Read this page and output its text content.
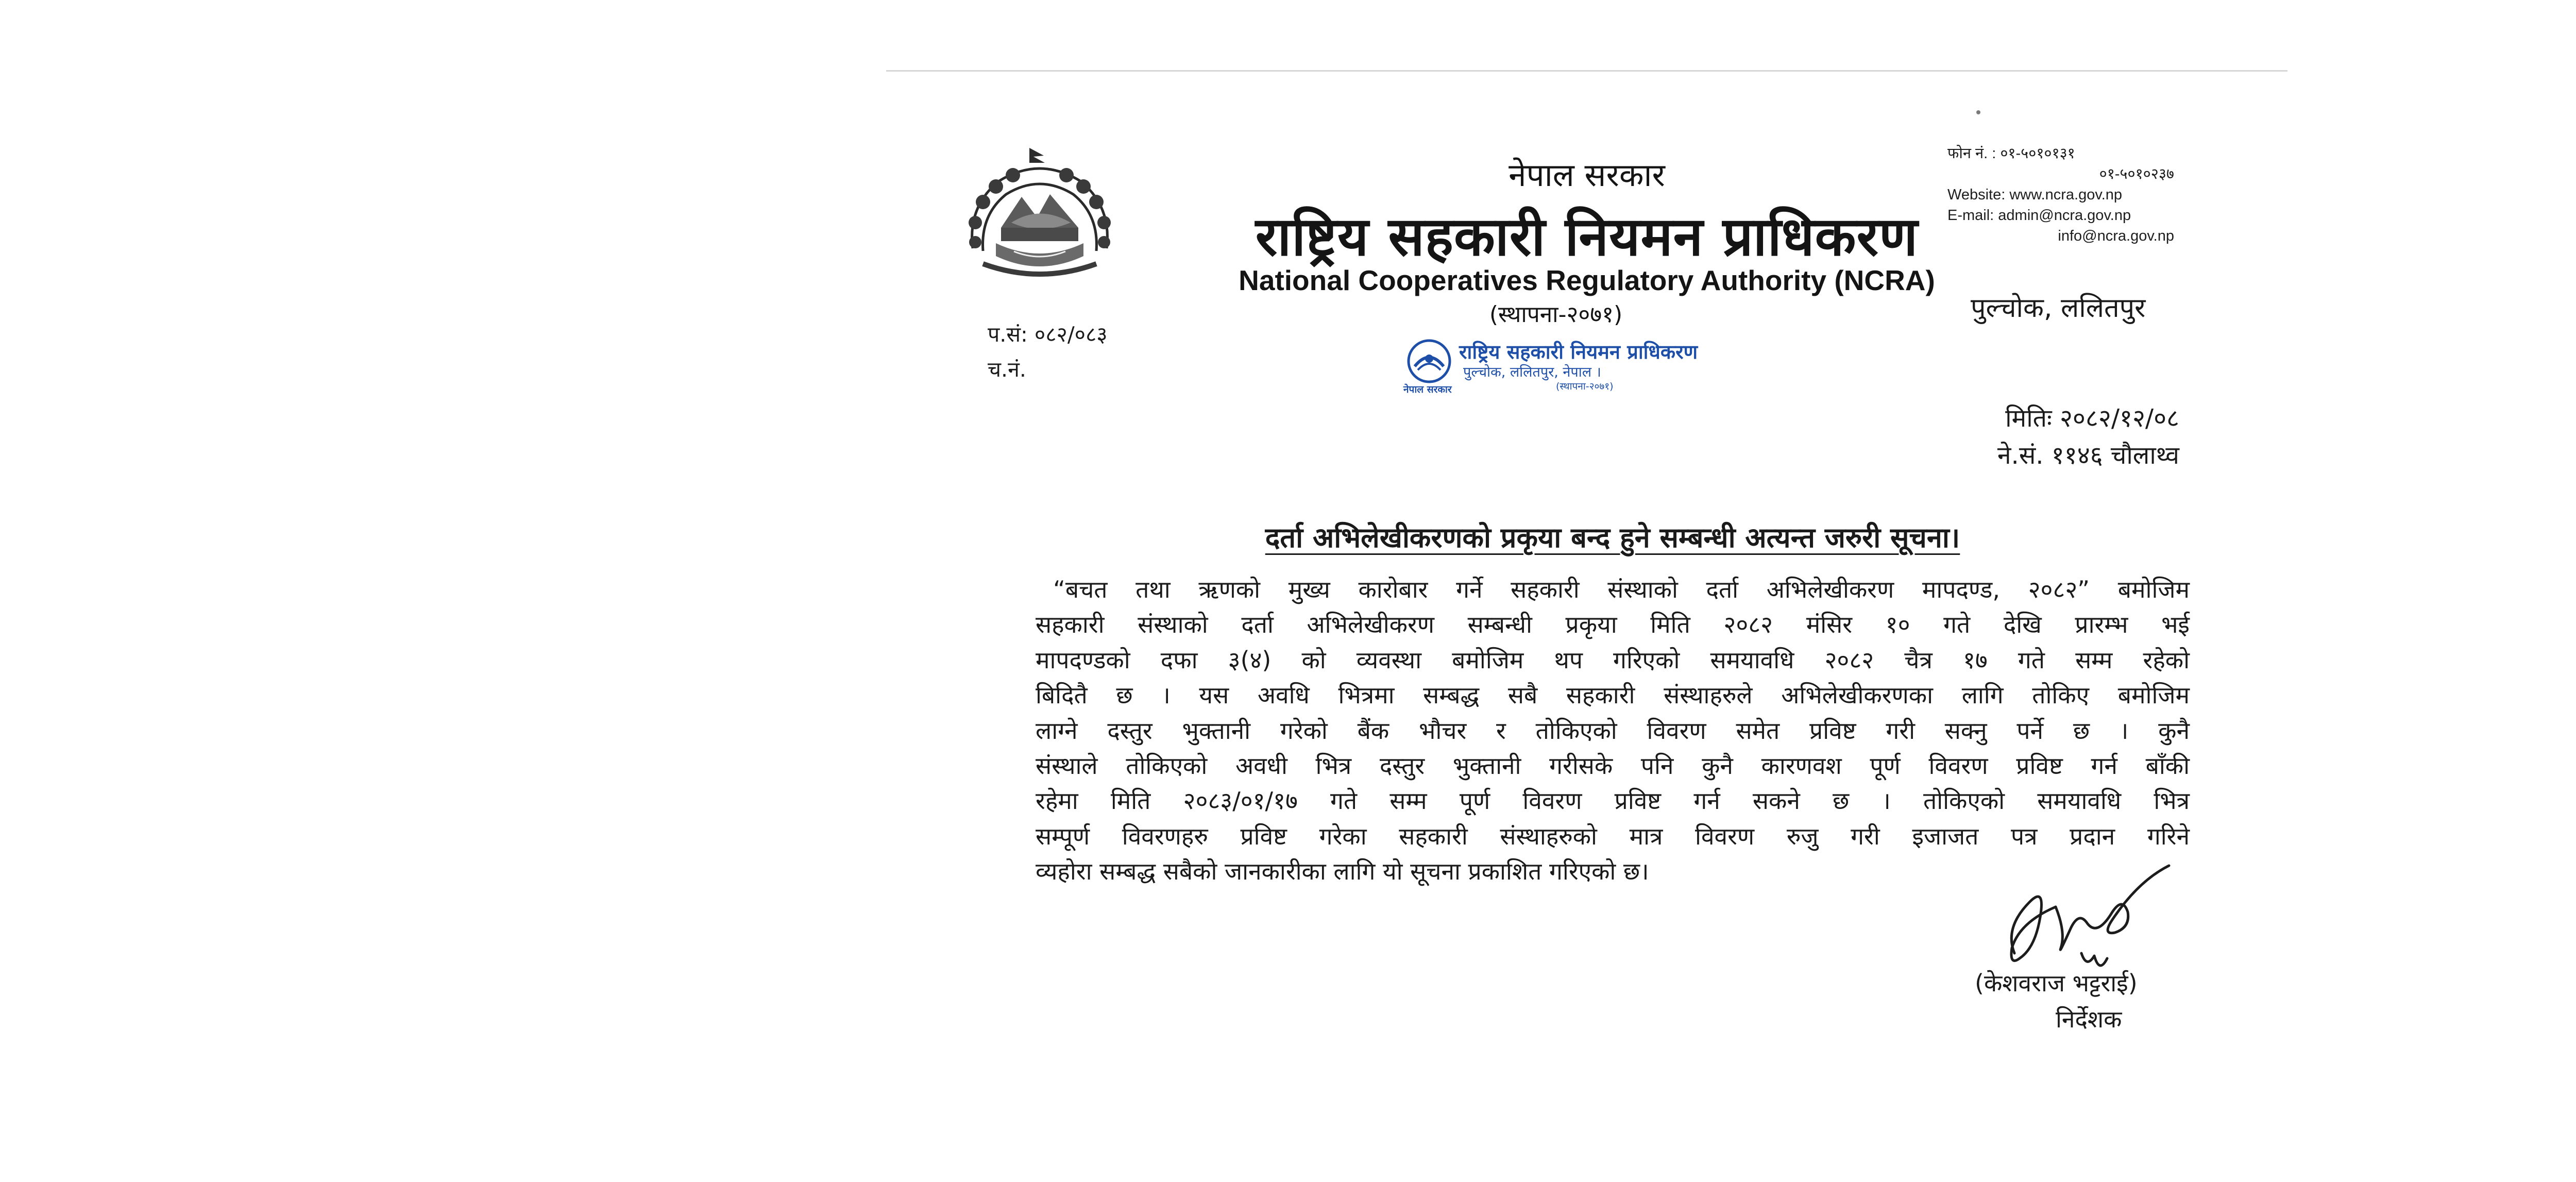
नेपाल सरकार
राष्ट्रिय सहकारी नियमन प्राधिकरण
National Cooperatives Regulatory Authority (NCRA)
(स्थापना-२०७१)
फोन नं. : ०१-५०१०१३१
०१-५०१०२३७
Website: www.ncra.gov.np
E-mail: admin@ncra.gov.np
info@ncra.gov.np
पुल्चोक, ललितपुर
प.सं: ०८२/०८३
च.नं.
राष्ट्रिय सहकारी नियमन प्राधिकरण
पुल्चोक, ललितपुर, नेपाल ।
(स्थापना-२०७१)
नेपाल सरकार
मितिः २०८२/१२/०८
ने.सं. ११४६ चौलाथ्व
दर्ता अभिलेखीकरणको प्रकृया बन्द हुने सम्बन्धी अत्यन्त जरुरी सूचना।
“बचत तथा ऋणको मुख्य कारोबार गर्ने सहकारी संस्थाको दर्ता अभिलेखीकरण मापदण्ड, २०८२” बमोजिम
सहकारी संस्थाको दर्ता अभिलेखीकरण सम्बन्धी प्रकृया मिति २०८२ मंसिर १० गते देखि प्रारम्भ भई
मापदण्डको दफा ३(४) को व्यवस्था बमोजिम थप गरिएको समयावधि २०८२ चैत्र १७ गते सम्म रहेको
बिदितै छ । यस अवधि भित्रमा सम्बद्ध सबै सहकारी संस्थाहरुले अभिलेखीकरणका लागि तोकिए बमोजिम
लाग्ने दस्तुर भुक्तानी गरेको बैंक भौचर र तोकिएको विवरण समेत प्रविष्ट गरी सक्नु पर्ने छ । कुनै
संस्थाले तोकिएको अवधी भित्र दस्तुर भुक्तानी गरीसके पनि कुनै कारणवश पूर्ण विवरण प्रविष्ट गर्न बाँकी
रहेमा मिति २०८३/०१/१७ गते सम्म पूर्ण विवरण प्रविष्ट गर्न सकने छ । तोकिएको समयावधि भित्र
सम्पूर्ण विवरणहरु प्रविष्ट गरेका सहकारी संस्थाहरुको मात्र विवरण रुजु गरी इजाजत पत्र प्रदान गरिने
व्यहोरा सम्बद्ध सबैको जानकारीका लागि यो सूचना प्रकाशित गरिएको छ।
(केशवराज भट्टराई)
निर्देशक
